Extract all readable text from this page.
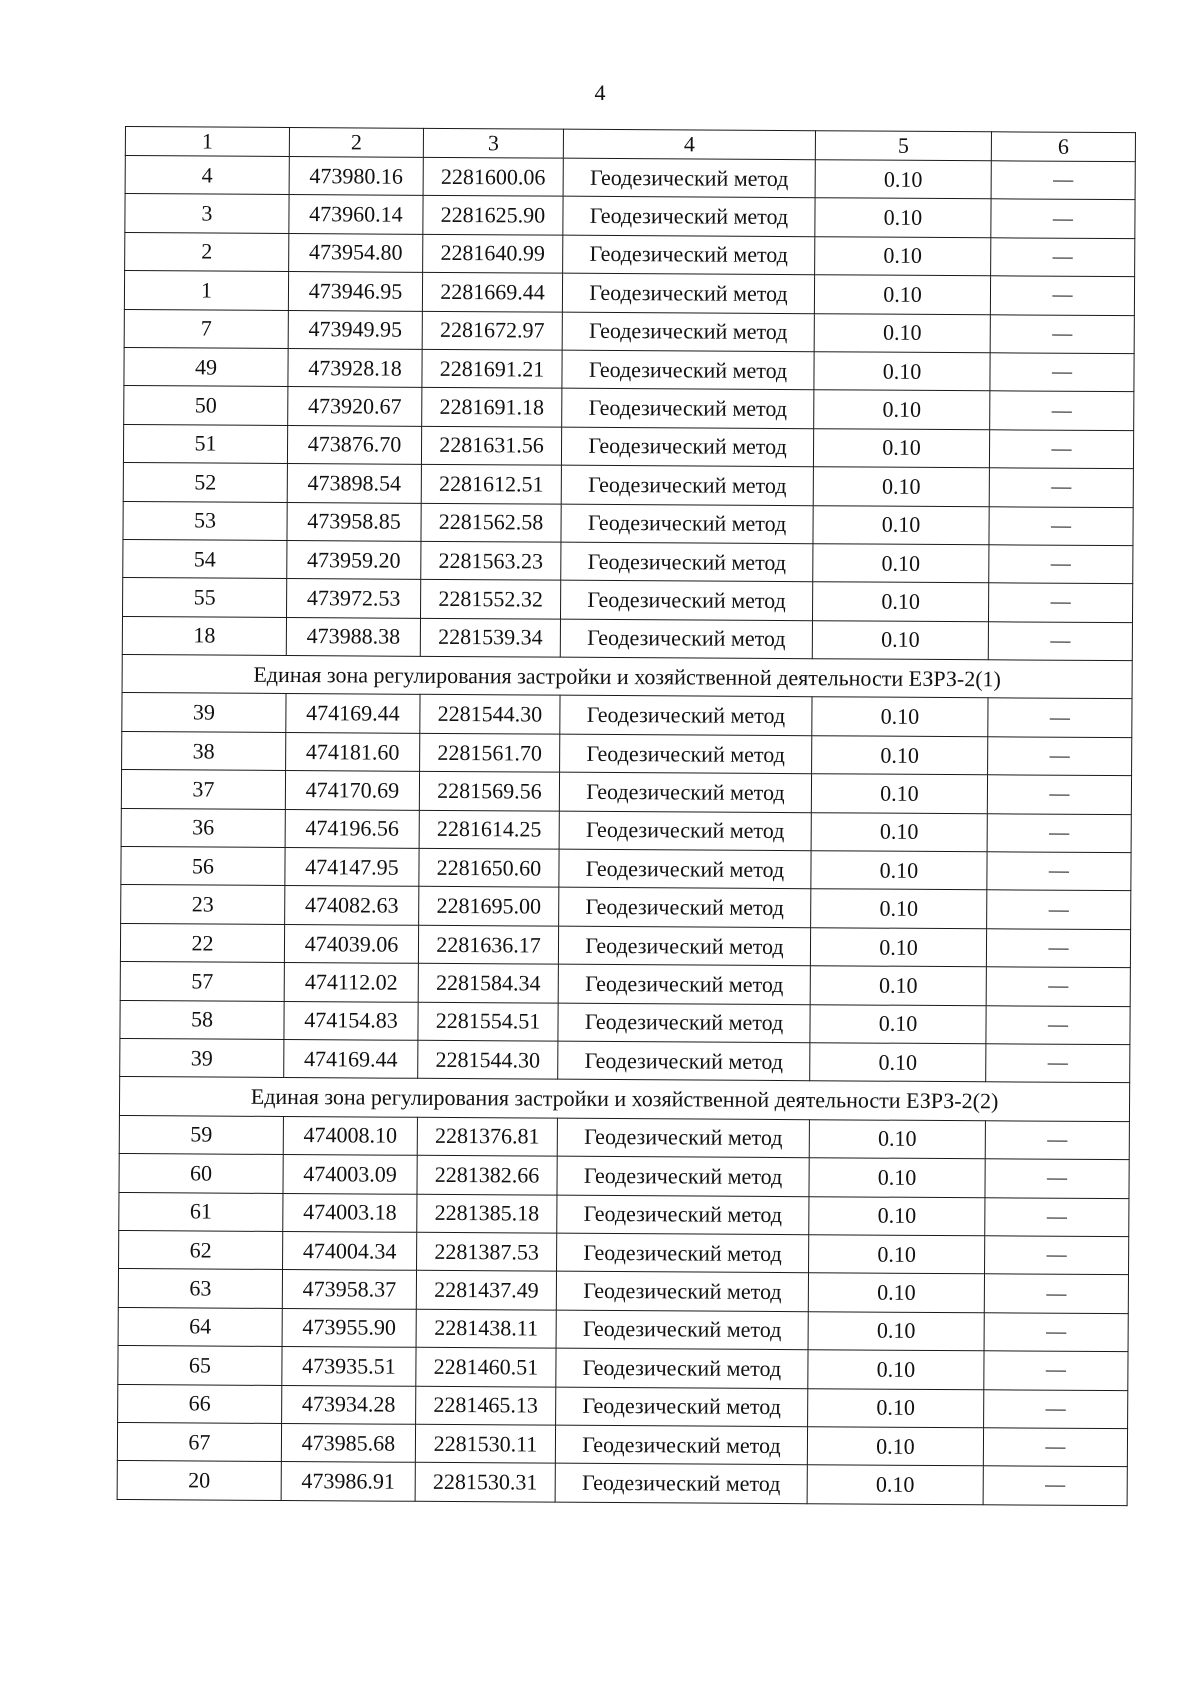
4
1	2	3	4	5	6
4	473980.16	2281600.06	Геодезический метод	0.10	—
3	473960.14	2281625.90	Геодезический метод	0.10	—
2	473954.80	2281640.99	Геодезический метод	0.10	—
1	473946.95	2281669.44	Геодезический метод	0.10	—
7	473949.95	2281672.97	Геодезический метод	0.10	—
49	473928.18	2281691.21	Геодезический метод	0.10	—
50	473920.67	2281691.18	Геодезический метод	0.10	—
51	473876.70	2281631.56	Геодезический метод	0.10	—
52	473898.54	2281612.51	Геодезический метод	0.10	—
53	473958.85	2281562.58	Геодезический метод	0.10	—
54	473959.20	2281563.23	Геодезический метод	0.10	—
55	473972.53	2281552.32	Геодезический метод	0.10	—
18	473988.38	2281539.34	Геодезический метод	0.10	—
Единая зона регулирования застройки и хозяйственной деятельности ЕЗРЗ-2(1)					
39	474169.44	2281544.30	Геодезический метод	0.10	—
38	474181.60	2281561.70	Геодезический метод	0.10	—
37	474170.69	2281569.56	Геодезический метод	0.10	—
36	474196.56	2281614.25	Геодезический метод	0.10	—
56	474147.95	2281650.60	Геодезический метод	0.10	—
23	474082.63	2281695.00	Геодезический метод	0.10	—
22	474039.06	2281636.17	Геодезический метод	0.10	—
57	474112.02	2281584.34	Геодезический метод	0.10	—
58	474154.83	2281554.51	Геодезический метод	0.10	—
39	474169.44	2281544.30	Геодезический метод	0.10	—
Единая зона регулирования застройки и хозяйственной деятельности ЕЗРЗ-2(2)					
59	474008.10	2281376.81	Геодезический метод	0.10	—
60	474003.09	2281382.66	Геодезический метод	0.10	—
61	474003.18	2281385.18	Геодезический метод	0.10	—
62	474004.34	2281387.53	Геодезический метод	0.10	—
63	473958.37	2281437.49	Геодезический метод	0.10	—
64	473955.90	2281438.11	Геодезический метод	0.10	—
65	473935.51	2281460.51	Геодезический метод	0.10	—
66	473934.28	2281465.13	Геодезический метод	0.10	—
67	473985.68	2281530.11	Геодезический метод	0.10	—
20	473986.91	2281530.31	Геодезический метод	0.10	—
